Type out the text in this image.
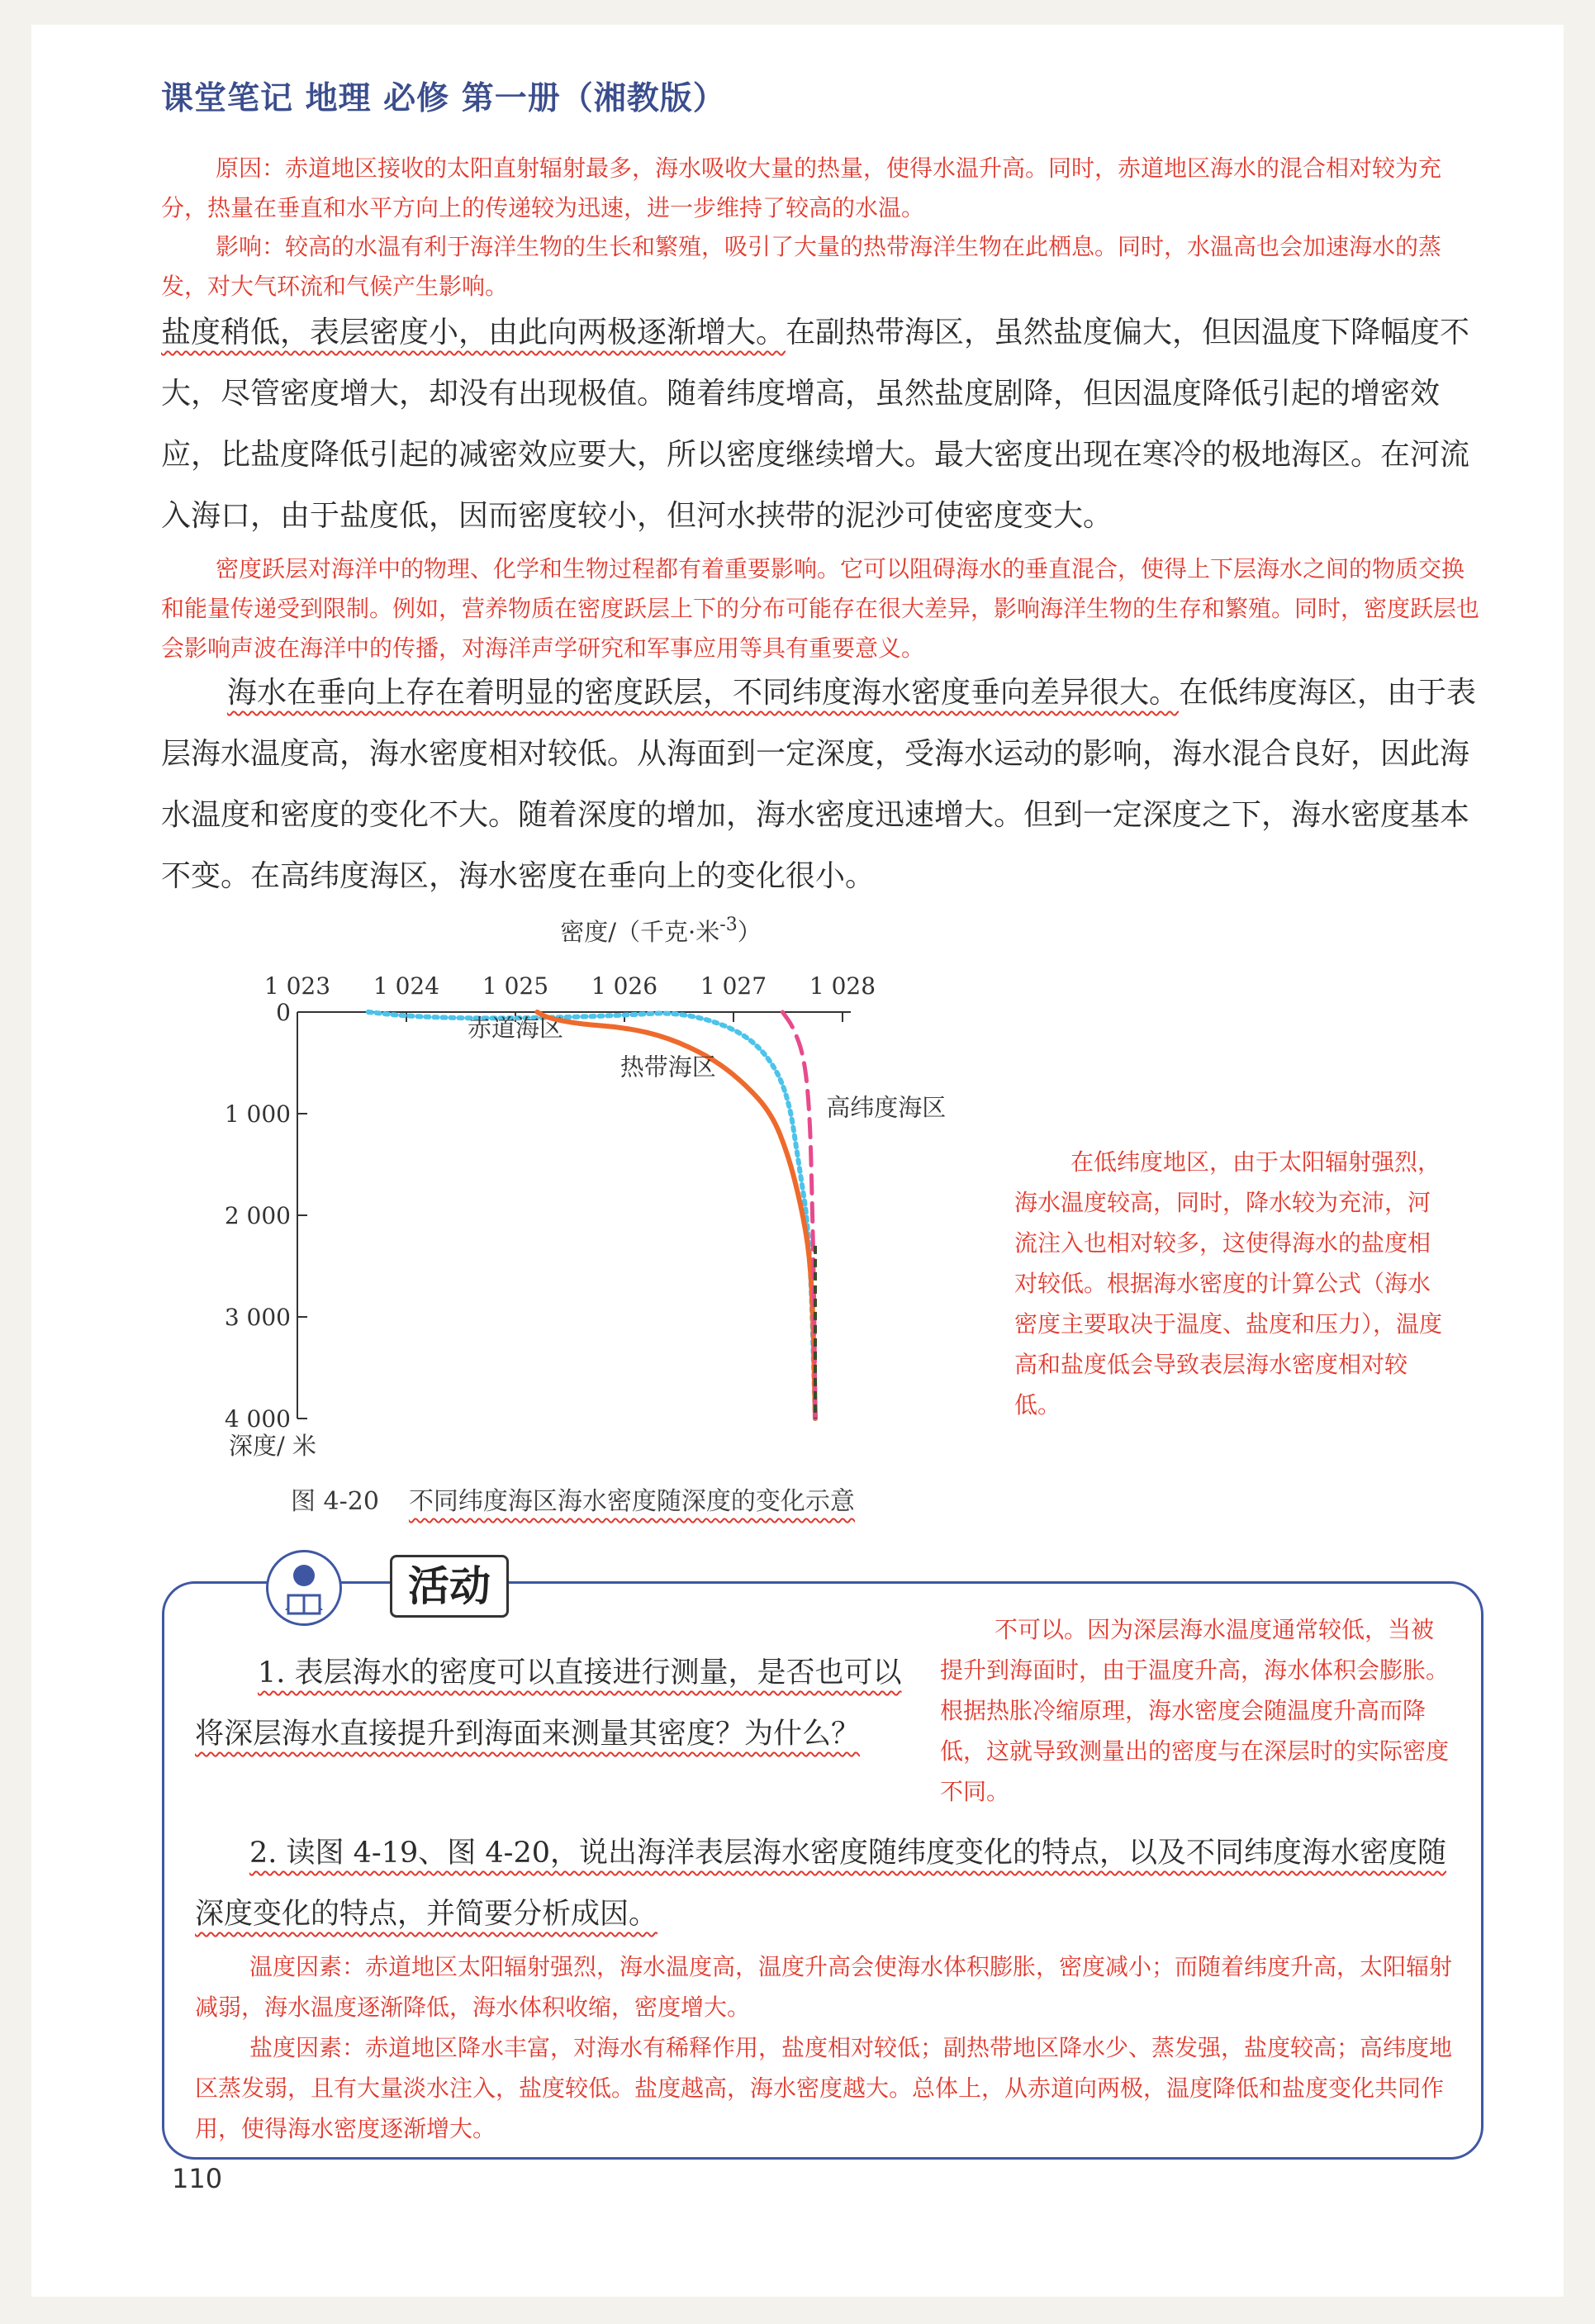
课堂笔记 地理 必修 第一册（湘教版）
原因：赤道地区接收的太阳直射辐射最多，海水吸收大量的热量，使得水温升高。同时，赤道地区海水的混合相对较为充分，热量在垂直和水平方向上的传递较为迅速，进一步维持了较高的水温。
影响：较高的水温有利于海洋生物的生长和繁殖，吸引了大量的热带海洋生物在此栖息。同时，水温高也会加速海水的蒸发，对大气环流和气候产生影响。
盐度稍低，表层密度小，由此向两极逐渐增大。在副热带海区，虽然盐度偏大，但因温度下降幅度不大，尽管密度增大，却没有出现极值。随着纬度增高，虽然盐度剧降，但因温度降低引起的增密效应，比盐度降低引起的减密效应要大，所以密度继续增大。最大密度出现在寒冷的极地海区。在河流入海口，由于盐度低，因而密度较小，但河水挟带的泥沙可使密度变大。
密度跃层对海洋中的物理、化学和生物过程都有着重要影响。它可以阻碍海水的垂直混合，使得上下层海水之间的物质交换和能量传递受到限制。例如，营养物质在密度跃层上下的分布可能存在很大差异，影响海洋生物的生存和繁殖。同时，密度跃层也会影响声波在海洋中的传播，对海洋声学研究和军事应用等具有重要意义。
海水在垂向上存在着明显的密度跃层，不同纬度海水密度垂向差异很大。在低纬度海区，由于表层海水温度高，海水密度相对较低。从海面到一定深度，受海水运动的影响，海水混合良好，因此海水温度和密度的变化不大。随着深度的增加，海水密度迅速增大。但到一定深度之下，海水密度基本不变。在高纬度海区，海水密度在垂向上的变化很小。
1 023 1 024 1 025 1 026 1 027 1 028
0
1 000
2 000
3 000
4 000
密度/（千克·米$^{-3}$）
深度/ 米
赤道海区
热带海区
高纬度海区
在低纬度地区，由于太阳辐射强烈，海水温度较高，同时，降水较为充沛，河流注入也相对较多，这使得海水的盐度相对较低。根据海水密度的计算公式（海水密度主要取决于温度、盐度和压力），温度高和盐度低会导致表层海水密度相对较低。
图 4-20 不同纬度海区海水密度随深度的变化示意
活动
1. 表层海水的密度可以直接进行测量，是否也可以将深层海水直接提升到海面来测量其密度？为什么？
不可以。因为深层海水温度通常较低，当被提升到海面时，由于温度升高，海水体积会膨胀。根据热胀冷缩原理，海水密度会随温度升高而降低，这就导致测量出的密度与在深层时的实际密度不同。
2. 读图 4-19、图 4-20，说出海洋表层海水密度随纬度变化的特点，以及不同纬度海水密度随深度变化的特点，并简要分析成因。
温度因素：赤道地区太阳辐射强烈，海水温度高，温度升高会使海水体积膨胀，密度减小；而随着纬度升高，太阳辐射减弱，海水温度逐渐降低，海水体积收缩，密度增大。
盐度因素：赤道地区降水丰富，对海水有稀释作用，盐度相对较低；副热带地区降水少、蒸发强，盐度较高；高纬度地区蒸发弱，且有大量淡水注入，盐度较低。盐度越高，海水密度越大。总体上，从赤道向两极，温度降低和盐度变化共同作用，使得海水密度逐渐增大。
110
